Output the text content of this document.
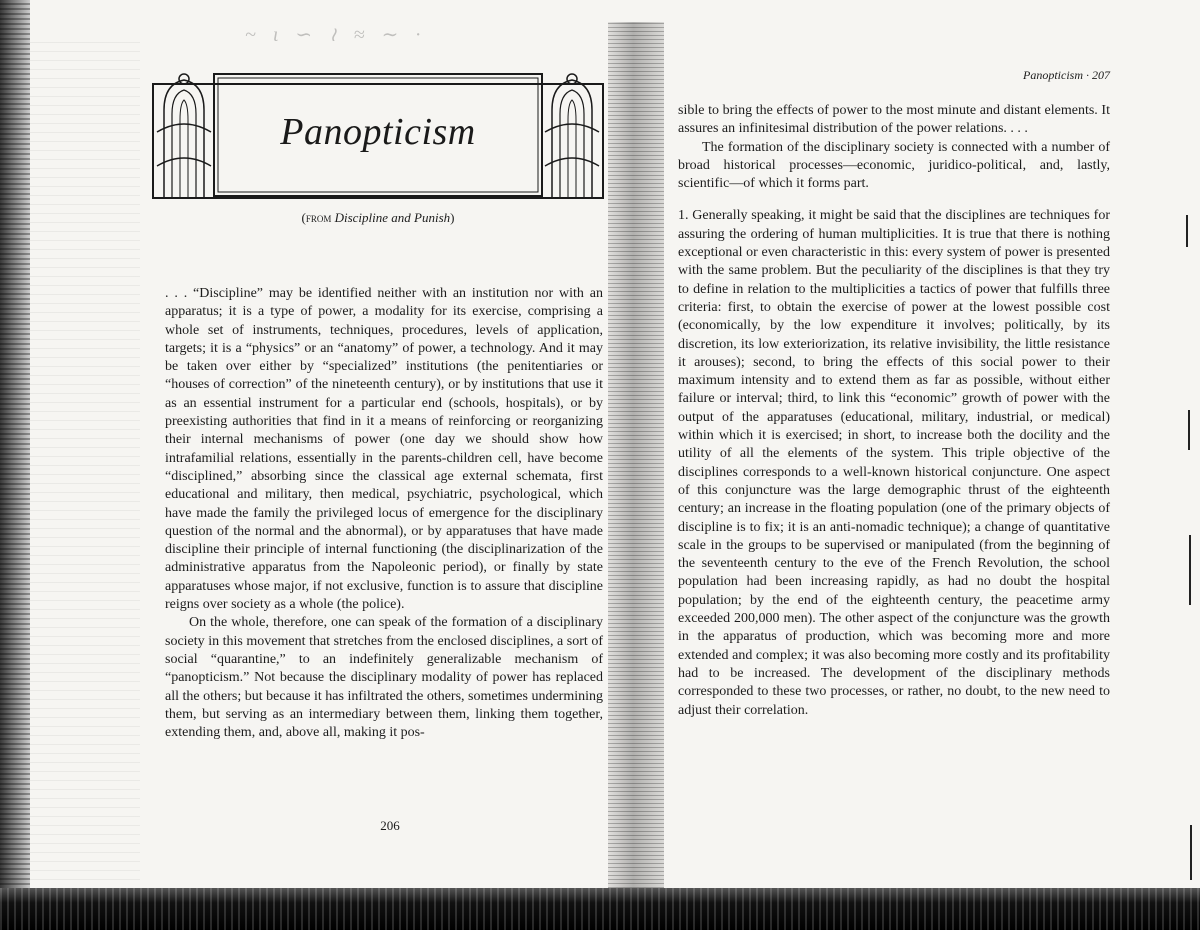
~ ι ∽ ≀ ≈ ∼ ·
Panopticism
(from Discipline and Punish)

. . . “Discipline” may be identified neither with an institution nor with an apparatus; it is a type of power, a modality for its exercise, comprising a whole set of instruments, techniques, procedures, levels of application, targets; it is a “physics” or an “anatomy” of power, a technology. And it may be taken over either by “specialized” institutions (the penitentiaries or “houses of correction” of the nineteenth century), or by institutions that use it as an essential instrument for a particular end (schools, hospitals), or by preexisting authorities that find in it a means of reinforcing or reorganizing their internal mechanisms of power (one day we should show how intrafamilial relations, essentially in the parents-children cell, have become “disciplined,” absorbing since the classical age external schemata, first educational and military, then medical, psychiatric, psychological, which have made the family the privileged locus of emergence for the disciplinary question of the normal and the abnormal), or by apparatuses that have made discipline their principle of internal functioning (the disciplinarization of the administrative apparatus from the Napoleonic period), or finally by state apparatuses whose major, if not exclusive, function is to assure that discipline reigns over society as a whole (the police).

On the whole, therefore, one can speak of the formation of a disciplinary society in this movement that stretches from the enclosed disciplines, a sort of social “quarantine,” to an indefinitely generalizable mechanism of “panopticism.” Not because the disciplinary modality of power has replaced all the others; but because it has infiltrated the others, sometimes undermining them, but serving as an intermediary between them, linking them together, extending them, and, above all, making it pos-

206
Panopticism · 207

sible to bring the effects of power to the most minute and distant elements. It assures an infinitesimal distribution of the power relations. . . .

The formation of the disciplinary society is connected with a number of broad historical processes—economic, juridico-political, and, lastly, scientific—of which it forms part.

1. Generally speaking, it might be said that the disciplines are techniques for assuring the ordering of human multiplicities. It is true that there is nothing exceptional or even characteristic in this: every system of power is presented with the same problem. But the peculiarity of the disciplines is that they try to define in relation to the multiplicities a tactics of power that fulfills three criteria: first, to obtain the exercise of power at the lowest possible cost (economically, by the low expenditure it involves; politically, by its discretion, its low exteriorization, its relative invisibility, the little resistance it arouses); second, to bring the effects of this social power to their maximum intensity and to extend them as far as possible, without either failure or interval; third, to link this “economic” growth of power with the output of the apparatuses (educational, military, industrial, or medical) within which it is exercised; in short, to increase both the docility and the utility of all the elements of the system. This triple objective of the disciplines corresponds to a well-known historical conjuncture. One aspect of this conjuncture was the large demographic thrust of the eighteenth century; an increase in the floating population (one of the primary objects of discipline is to fix; it is an anti-nomadic technique); a change of quantitative scale in the groups to be supervised or manipulated (from the beginning of the seventeenth century to the eve of the French Revolution, the school population had been increasing rapidly, as had no doubt the hospital population; by the end of the eighteenth century, the peacetime army exceeded 200,000 men). The other aspect of the conjuncture was the growth in the apparatus of production, which was becoming more and more extended and complex; it was also becoming more costly and its profitability had to be increased. The development of the disciplinary methods corresponded to these two processes, or rather, no doubt, to the new need to adjust their correlation.
